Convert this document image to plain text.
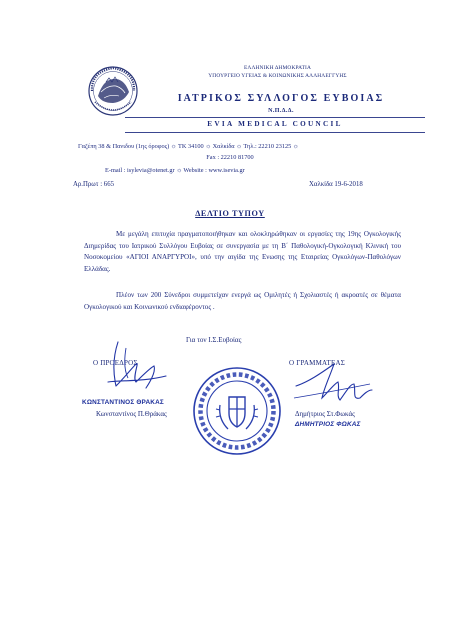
ΕΛΛΗΝΙΚΗ ΔΗΜΟΚΡΑΤΙΑ
ΥΠΟΥΡΓΕΙΟ ΥΓΕΙΑΣ & ΚΟΙΝΩΝΙΚΗΣ ΑΛΛΗΛΕΓΓΥΗΣ
ΙΑΤΡΙΚΟΣ ΣΥΛΛΟΓΟΣ ΕΥΒΟΙΑΣ
Ν.Π.Δ.Δ.
EVIA MEDICAL COUNCIL
Γαζέπη 38 & Πανιδου (1ης όροφος) ☼ ΤΚ 34100 ☼ Χαλκίδα ☼ Τηλ.: 22210 23125 ☼
Fax : 22210 81700
E-mail : isylevia@otenet.gr ☼ Website : www.isevia.gr
Αρ.Πρωτ : 665	Χαλκίδα 19-6-2018
ΔΕΛΤΙΟ ΤΥΠΟΥ
Με μεγάλη επιτυχία πραγματοποιήθηκαν και ολοκληρώθηκαν οι εργασίες της 19ης Ογκολογικής Διημερίδας του Ιατρικού Συλλόγου Ευβοίας σε συνεργασία με τη Β΄ Παθολογική-Ογκολογική Κλινική του Νοσοκομείου «ΑΓΙΟΙ ΑΝΑΡΓΥΡΟΙ», υπό την αιγίδα της Ενωσης της Εταιρείας Ογκολόγων-Παθολόγων Ελλάδας.
Πλέον των 200 Σύνεδροι συμμετείχαν ενεργά ως Ομιλητές ή Σχολιαστές ή ακροατές σε θέματα Ογκολογικού και Κοινωνικού ενδιαφέροντος .
Για τον Ι.Σ.Ευβοίας
Ο ΠΡΟΕΔΡΟΣ	Ο ΓΡΑΜΜΑΤΕΑΣ
ΚΩΝΣΤΑΝΤΙΝΟΣ ΘΡΑΚΑΣ
Κωνσταντίνος Π.Θράκας	Δημήτριος Στ.Φωκάς
ΔΗΜΗΤΡΙΟΣ ΦΩΚΑΣ
